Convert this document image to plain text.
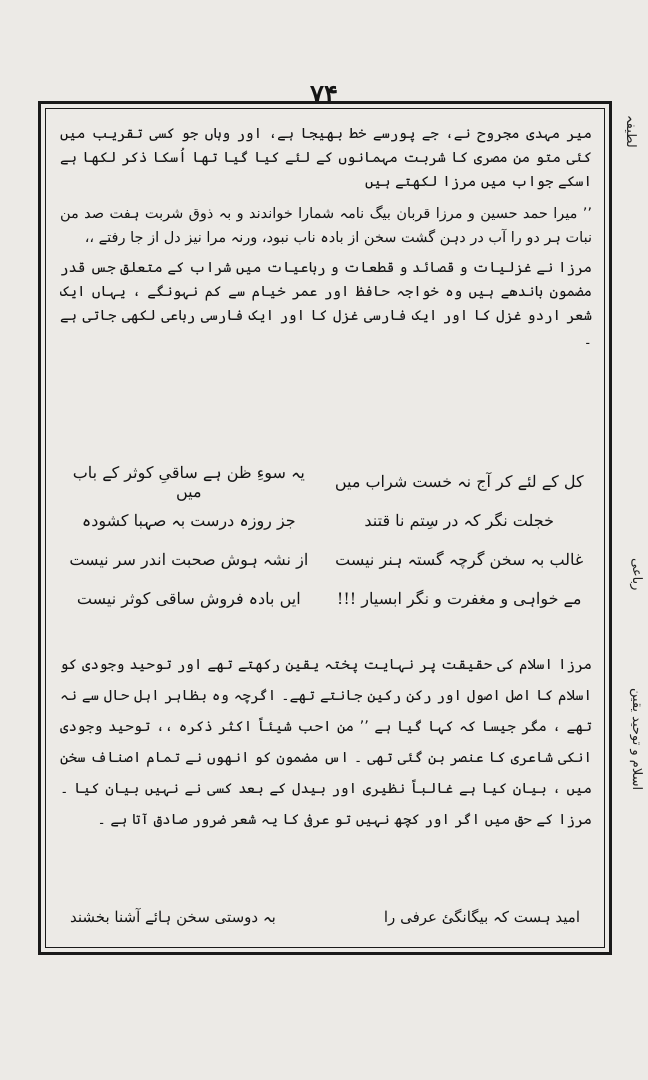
۷۴
لطیفہ
رباعی
اسلام و توحید یقین

میر مہدی مجروح نے، جے پورسے خط بھیجا ہے، اور وہاں جو کسی تقریب میں کئی متو من مصری کا شربت مہمانوں کے لئے کیا گیا تھا اُسکا ذکر لکھا ہے اسکے جواب میں مرزا لکھتے ہیں

٬٬ میرا حمد حسین و مرزا قربان بیگ نامہ شمارا خواندند و بہ ذوق شربت ہفت صد من نبات ہر دو را آب در دہن گشت سخن از بادہ ناب نبود، ورنہ مرا نیز دل از جا رفتے ،،

مرزا نے غزلیات و قصائد و قطعات و رباعیات میں شراب کے متعلق جس قدر مضمون باندھے ہیں وہ خواجہ حافظ اور عمر خیام سے کم نہونگے ، یہاں ایک شعر اردو غزل کا اور ایک فارسی غزل کا اور ایک فارسی رباعی لکھی جاتی ہے ۔

کل کے لئے کر آج نہ خست شراب میں
یہ سوءِ ظن ہے ساقیِ کوثر کے باب میں
خجلت نگر کہ در سِتم نا قتند
جز روزہ درست بہ صہبا کشودہ
غالب بہ سخن گرچہ گستہ ہنر نیست
از نشہ ہوش صحبت اندر سر نیست
مے خواہی و مغفرت و نگر ابسیار !!!
ایں بادہ فروش ساقی کوثر نیست

مرزا اسلام کی حقیقت پر نہایت پختہ یقین رکھتے تھے اور توحید وجودی کو اسلام کا اصل اصول اور رکن رکین جانتے تھے۔ اگرچہ وہ بظاہر اہل حال سے نہ تھے ، مگر جیسا کہ کہا گیا ہے ٬٬ من احب شیئاً اکثر ذکرہ ،، توحید وجودی انکی شاعری کا عنصر بن گئی تھی ۔ اس مضمون کو انھوں نے تمام اصناف سخن میں ، بیان کیا ہے غالباً نظیری اور بیدل کے بعد کسی نے نہیں بیان کیا ۔ مرزا کے حق میں اگر اور کچھ نہیں تو عرفی کا یہ شعر ضرور صادق آتا ہے ۔

امید ہست کہ بیگانگئ عرفی را
بہ دوستی سخن ہائے آشنا بخشند
